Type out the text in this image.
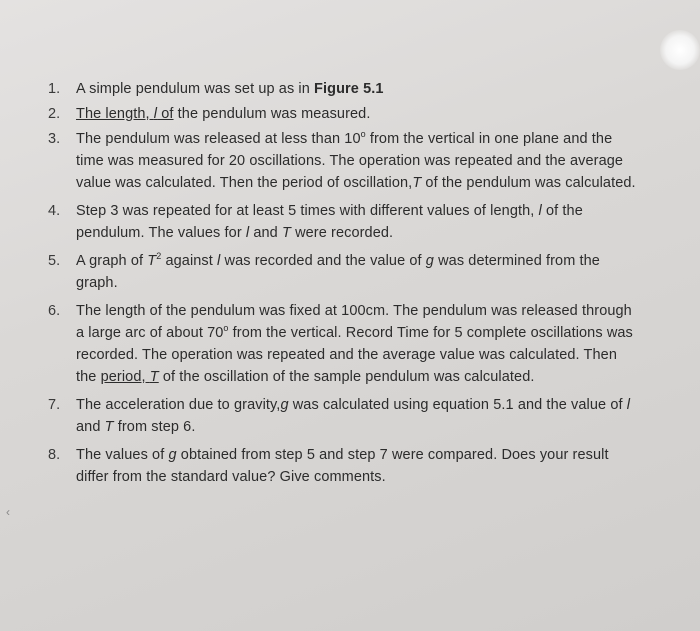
‹
1. A simple pendulum was set up as in Figure 5.1
2. The length, l of the pendulum was measured.
3. The pendulum was released at less than 10$^o$ from the vertical in one plane and the time was measured for 20 oscillations. The operation was repeated and the average value was calculated. Then the period of oscillation,T of the pendulum was calculated.
4. Step 3 was repeated for at least 5 times with different values of length, l of the pendulum. The values for l and T were recorded.
5. A graph of $T^2$ against l was recorded and the value of g was determined from the graph.
6. The length of the pendulum was fixed at 100cm. The pendulum was released through a large arc of about 70$^o$ from the vertical. Record Time for 5 complete oscillations was recorded. The operation was repeated and the average value was calculated. Then the period, T of the oscillation of the sample pendulum was calculated.
7. The acceleration due to gravity,g was calculated using equation 5.1 and the value of l and T from step 6.
8. The values of g obtained from step 5 and step 7 were compared. Does your result differ from the standard value? Give comments.
